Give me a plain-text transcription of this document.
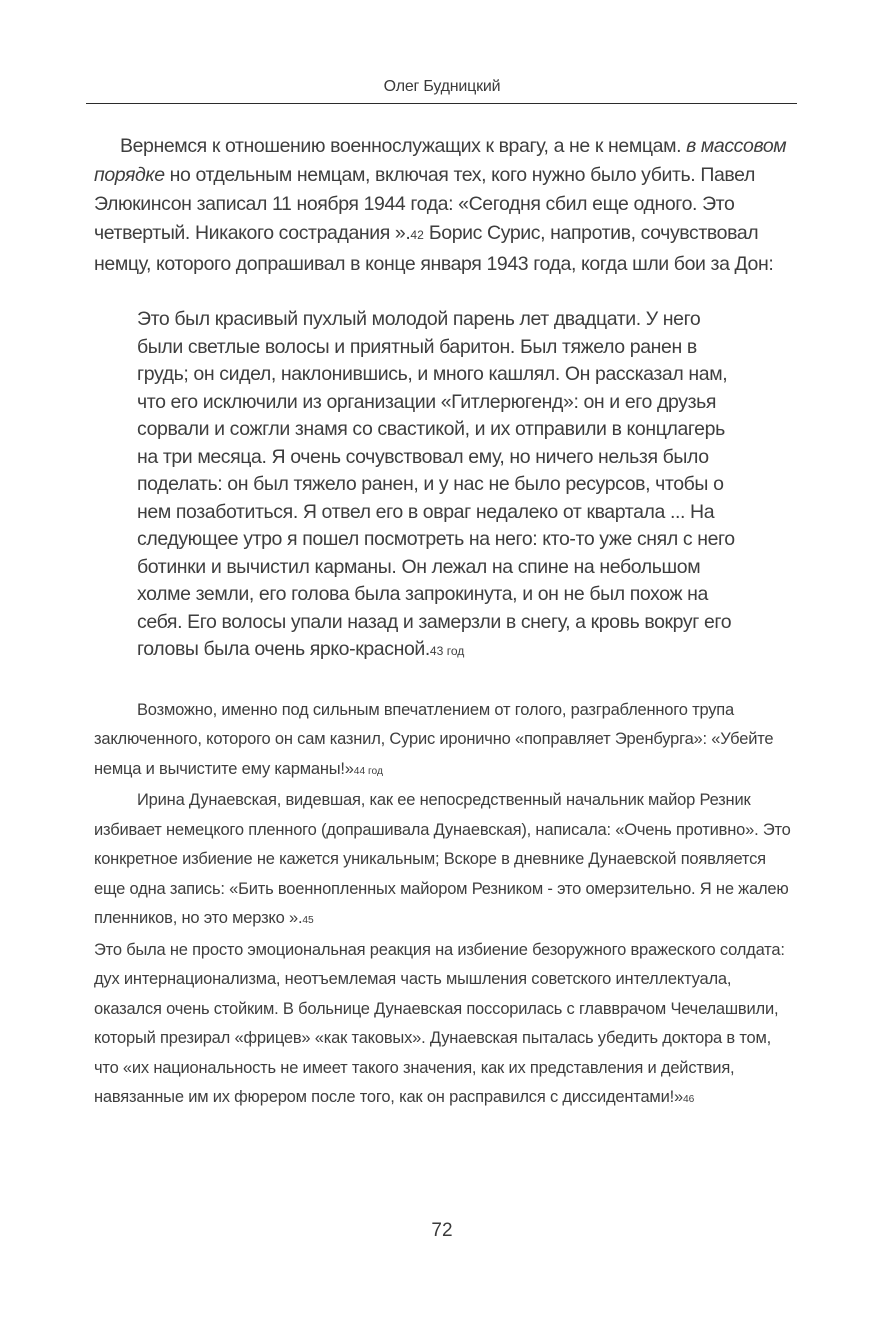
Олег Будницкий

Вернемся к отношению военнослужащих к врагу, а не к немцам. в массовом порядке но отдельным немцам, включая тех, кого нужно было убить. Павел Элюкинсон записал 11 ноября 1944 года: «Сегодня сбил еще одного. Это четвертый. Никакого сострадания ».42 Борис Сурис, напротив, сочувствовал немцу, которого допрашивал в конце января 1943 года, когда шли бои за Дон:

Это был красивый пухлый молодой парень лет двадцати. У него были светлые волосы и приятный баритон. Был тяжело ранен в грудь; он сидел, наклонившись, и много кашлял. Он рассказал нам, что его исключили из организации «Гитлерюгенд»: он и его друзья сорвали и сожгли знамя со свастикой, и их отправили в концлагерь на три месяца. Я очень сочувствовал ему, но ничего нельзя было поделать: он был тяжело ранен, и у нас не было ресурсов, чтобы о нем позаботиться. Я отвел его в овраг недалеко от квартала ... На следующее утро я пошел посмотреть на него: кто-то уже снял с него ботинки и вычистил карманы. Он лежал на спине на небольшом холме земли, его голова была запрокинута, и он не был похож на себя. Его волосы упали назад и замерзли в снегу, а кровь вокруг его головы была очень ярко-красной.43 год

Возможно, именно под сильным впечатлением от голого, разграбленного трупа заключенного, которого он сам казнил, Сурис иронично «поправляет Эренбурга»: «Убейте немца и вычистите ему карманы!»44 год

Ирина Дунаевская, видевшая, как ее непосредственный начальник майор Резник избивает немецкого пленного (допрашивала Дунаевская), написала: «Очень противно». Это конкретное избиение не кажется уникальным; Вскоре в дневнике Дунаевской появляется еще одна запись: «Бить военнопленных майором Резником - это омерзительно. Я не жалею пленников, но это мерзко ».45

Это была не просто эмоциональная реакция на избиение безоружного вражеского солдата: дух интернационализма, неотъемлемая часть мышления советского интеллектуала, оказался очень стойким. В больнице Дунаевская поссорилась с главврачом Чечелашвили, который презирал «фрицев» «как таковых». Дунаевская пыталась убедить доктора в том, что «их национальность не имеет такого значения, как их представления и действия, навязанные им их фюрером после того, как он расправился с диссидентами!»46

72
